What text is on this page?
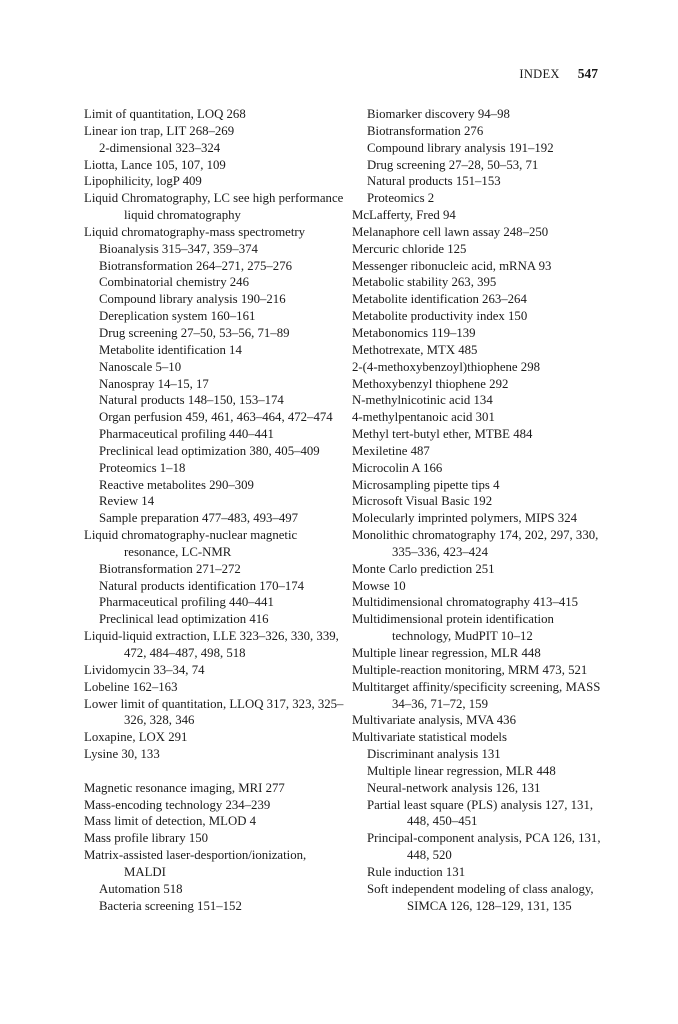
INDEX 547
Limit of quantitation, LOQ 268
Linear ion trap, LIT 268–269
2-dimensional 323–324
Liotta, Lance 105, 107, 109
Lipophilicity, logP 409
Liquid Chromatography, LC see high performance liquid chromatography
Liquid chromatography-mass spectrometry
Bioanalysis 315–347, 359–374
Biotransformation 264–271, 275–276
Combinatorial chemistry 246
Compound library analysis 190–216
Dereplication system 160–161
Drug screening 27–50, 53–56, 71–89
Metabolite identification 14
Nanoscale 5–10
Nanospray 14–15, 17
Natural products 148–150, 153–174
Organ perfusion 459, 461, 463–464, 472–474
Pharmaceutical profiling 440–441
Preclinical lead optimization 380, 405–409
Proteomics 1–18
Reactive metabolites 290–309
Review 14
Sample preparation 477–483, 493–497
Liquid chromatography-nuclear magnetic resonance, LC-NMR
Biotransformation 271–272
Natural products identification 170–174
Pharmaceutical profiling 440–441
Preclinical lead optimization 416
Liquid-liquid extraction, LLE 323–326, 330, 339, 472, 484–487, 498, 518
Lividomycin 33–34, 74
Lobeline 162–163
Lower limit of quantitation, LLOQ 317, 323, 325–326, 328, 346
Loxapine, LOX 291
Lysine 30, 133
Magnetic resonance imaging, MRI 277
Mass-encoding technology 234–239
Mass limit of detection, MLOD 4
Mass profile library 150
Matrix-assisted laser-desportion/ionization, MALDI
Automation 518
Bacteria screening 151–152
Biomarker discovery 94–98
Biotransformation 276
Compound library analysis 191–192
Drug screening 27–28, 50–53, 71
Natural products 151–153
Proteomics 2
McLafferty, Fred 94
Melanaphore cell lawn assay 248–250
Mercuric chloride 125
Messenger ribonucleic acid, mRNA 93
Metabolic stability 263, 395
Metabolite identification 263–264
Metabolite productivity index 150
Metabonomics 119–139
Methotrexate, MTX 485
2-(4-methoxybenzoyl)thiophene 298
Methoxybenzyl thiophene 292
N-methylnicotinic acid 134
4-methylpentanoic acid 301
Methyl tert-butyl ether, MTBE 484
Mexiletine 487
Microcolin A 166
Microsampling pipette tips 4
Microsoft Visual Basic 192
Molecularly imprinted polymers, MIPS 324
Monolithic chromatography 174, 202, 297, 330, 335–336, 423–424
Monte Carlo prediction 251
Mowse 10
Multidimensional chromatography 413–415
Multidimensional protein identification technology, MudPIT 10–12
Multiple linear regression, MLR 448
Multiple-reaction monitoring, MRM 473, 521
Multitarget affinity/specificity screening, MASS 34–36, 71–72, 159
Multivariate analysis, MVA 436
Multivariate statistical models
Discriminant analysis 131
Multiple linear regression, MLR 448
Neural-network analysis 126, 131
Partial least square (PLS) analysis 127, 131, 448, 450–451
Principal-component analysis, PCA 126, 131, 448, 520
Rule induction 131
Soft independent modeling of class analogy, SIMCA 126, 128–129, 131, 135
